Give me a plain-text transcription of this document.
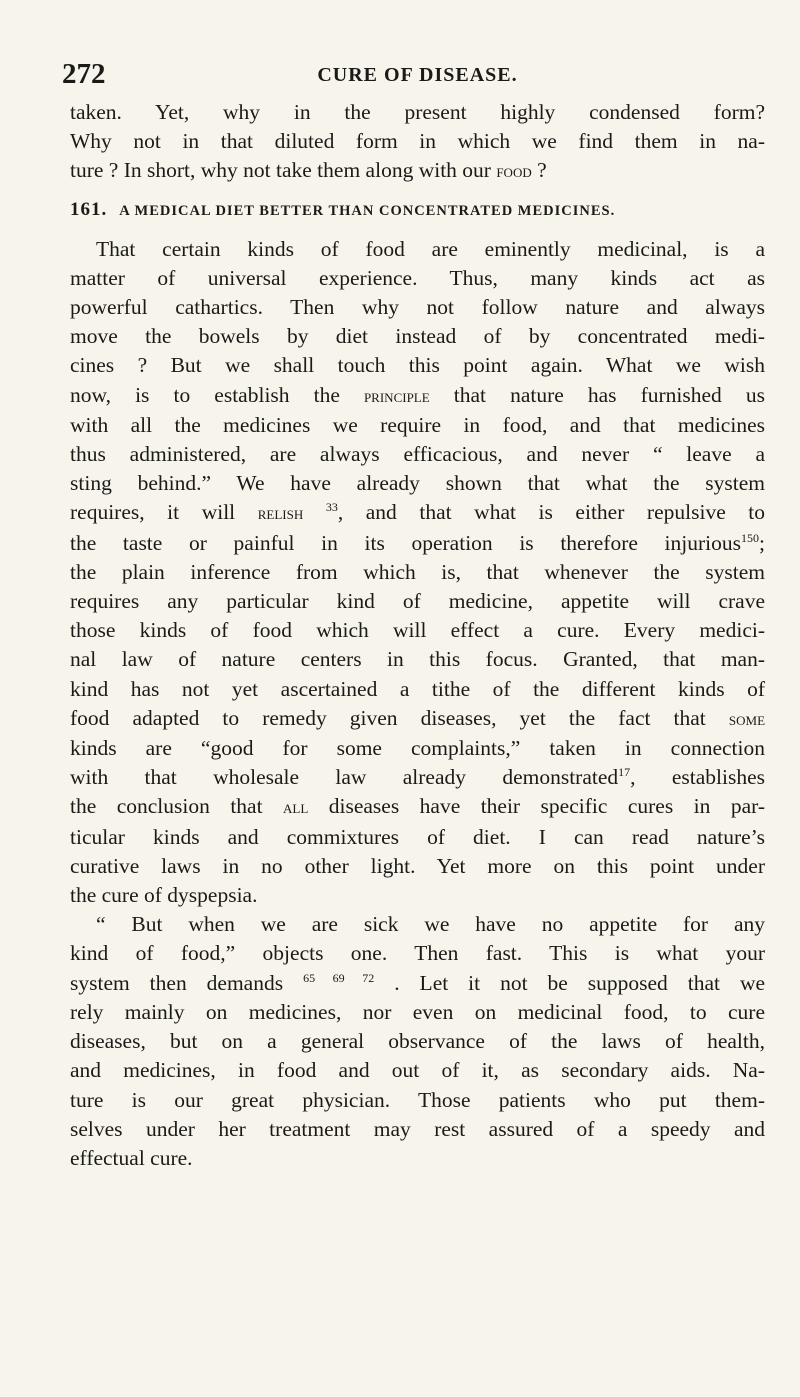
272	CURE OF DISEASE.
taken. Yet, why in the present highly condensed form?
Why not in that diluted form in which we find them in na-
ture ? In short, why not take them along with our food ?
161. A MEDICAL DIET BETTER THAN CONCENTRATED MEDICINES.
That certain kinds of food are eminently medicinal, is a
matter of universal experience. Thus, many kinds act as
powerful cathartics. Then why not follow nature and always
move the bowels by diet instead of by concentrated medi-
cines ? But we shall touch this point again. What we wish
now, is to establish the principle that nature has furnished us
with all the medicines we require in food, and that medicines
thus administered, are always efficacious, and never “ leave a
sting behind.” We have already shown that what the system
requires, it will relish $^{33}$, and that what is either repulsive to
the taste or painful in its operation is therefore injurious$^{150}$;
the plain inference from which is, that whenever the system
requires any particular kind of medicine, appetite will crave
those kinds of food which will effect a cure. Every medici-
nal law of nature centers in this focus. Granted, that man-
kind has not yet ascertained a tithe of the different kinds of
food adapted to remedy given diseases, yet the fact that some
kinds are “good for some complaints,” taken in connection
with that wholesale law already demonstrated$^{17}$, establishes
the conclusion that all diseases have their specific cures in par-
ticular kinds and commixtures of diet. I can read nature’s
curative laws in no other light. Yet more on this point under
the cure of dyspepsia.
“ But when we are sick we have no appetite for any
kind of food,” objects one. Then fast. This is what your
system then demands $^{65 69 72}$ . Let it not be supposed that we
rely mainly on medicines, nor even on medicinal food, to cure
diseases, but on a general observance of the laws of health,
and medicines, in food and out of it, as secondary aids. Na-
ture is our great physician. Those patients who put them-
selves under her treatment may rest assured of a speedy and
effectual cure.
